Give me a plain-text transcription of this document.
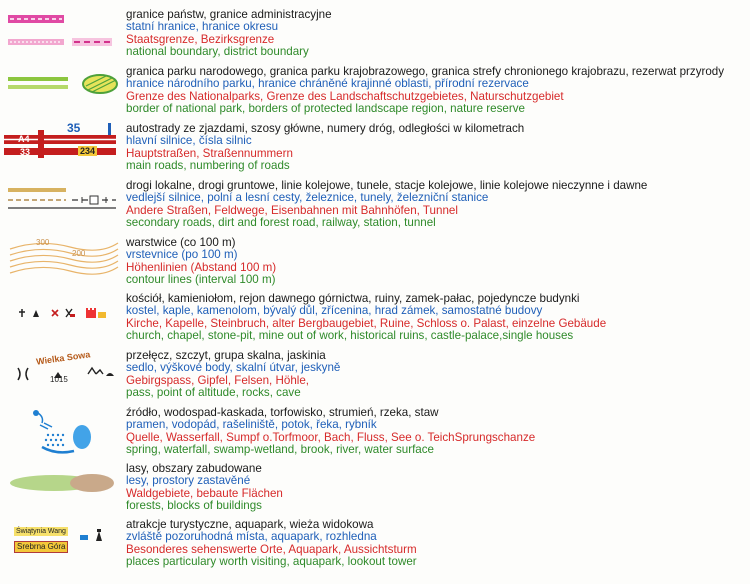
granice państw, granice administracyjne
statní hranice, hranice okresu
Staatsgrenze, Bezirksgrenze
national boundary, district boundary
granica parku narodowego, granica parku krajobrazowego, granica strefy chronionego krajobrazu, rezerwat przyrody
hranice národního parku, hranice chráněné krajinné oblasti, přírodní rezervace
Grenze des Nationalparks, Grenze des Landschaftschutzgebietes, Naturschutzgebiet
border of national park, borders of protected landscape region, nature reserve
A4
35
33	234
autostrady ze zjazdami, szosy główne, numery dróg, odległości w kilometrach
hlavní silnice, čísla silnic
Hauptstraßen, Straßennummern
main roads, numbering of roads
drogi lokalne, drogi gruntowe, linie kolejowe, tunele, stacje kolejowe, linie kolejowe nieczynne i dawne
vedlejší silnice, polní a lesní cesty, železnice, tunely, železniční stanice
Andere Straßen, Feldwege, Eisenbahnen mit Bahnhöfen, Tunnel
secondary roads, dirt and forest road, railway, station, tunnel
300
200
warstwice (co 100 m)
vrstevnice (po 100 m)
Höhenlinien (Abstand 100 m)
contour lines (interval 100 m)
kościół, kamieniołom, rejon dawnego górnictwa, ruiny, zamek-pałac, pojedyncze budynki
kostel, kaple, kamenolom, bývalý důl, zřícenina, hrad zámek, samostatné budovy
Kirche, Kapelle, Steinbruch, alter Bergbaugebiet, Ruine, Schloss o. Palast, einzelne Gebäude
church, chapel, stone-pit, mine out of work, historical ruins, castle-palace,single houses
Wielka Sowa
1015
przełęcz, szczyt, grupa skalna, jaskinia
sedlo, výškové body, skalní útvar, jeskyně
Gebirgspass, Gipfel, Felsen, Höhle,
pass, point of altitude, rocks, cave
źródło, wodospad-kaskada, torfowisko, strumień, rzeka, staw
pramen, vodopád, rašeliniště, potok, řeka, rybník
Quelle, Wasserfall, Sumpf o.Torfmoor, Bach, Fluss, See o. TeichSprungschanze
spring, waterfall, swamp-wetland, brook, river, water surface
lasy, obszary zabudowane
lesy, prostory zastavěné
Waldgebiete, bebaute Flächen
forests, blocks of buildings
Świątynia Wang
Srebrna Góra
atrakcje turystyczne, aquapark, wieża widokowa
zvláště pozoruhodná místa, aquapark, rozhledna
Besonderes sehenswerte Orte, Aquapark, Aussichtsturm
places particulary worth visiting, aquapark, lookout tower
